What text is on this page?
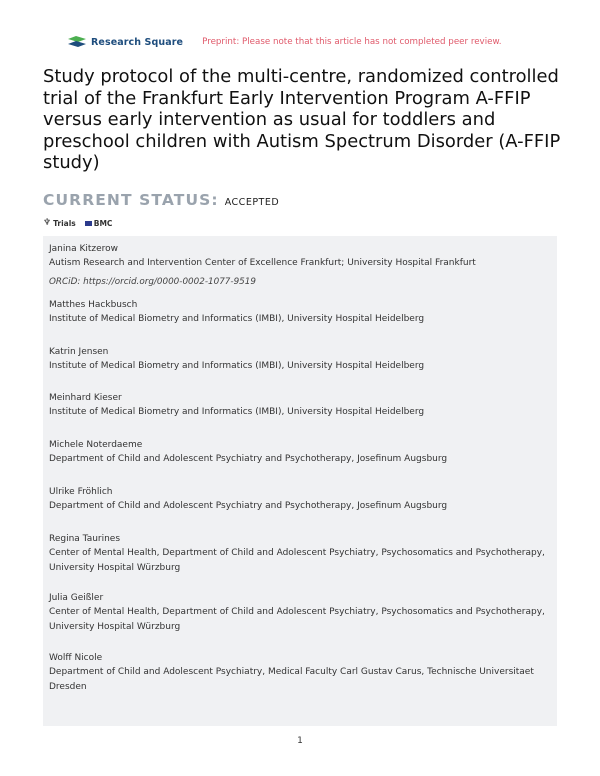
Research Square Preprint: Please note that this article has not completed peer review.
Study protocol of the multi-centre, randomized controlled trial of the Frankfurt Early Intervention Program A-FFIP versus early intervention as usual for toddlers and preschool children with Autism Spectrum Disorder (A-FFIP study)
CURRENT STATUS: ACCEPTED
♆ Trials BMC
Janina Kitzerow
Autism Research and Intervention Center of Excellence Frankfurt; University Hospital Frankfurt
ORCiD: https://orcid.org/0000-0002-1077-9519
Matthes Hackbusch
Institute of Medical Biometry and Informatics (IMBI), University Hospital Heidelberg
Katrin Jensen
Institute of Medical Biometry and Informatics (IMBI), University Hospital Heidelberg
Meinhard Kieser
Institute of Medical Biometry and Informatics (IMBI), University Hospital Heidelberg
Michele Noterdaeme
Department of Child and Adolescent Psychiatry and Psychotherapy, Josefinum Augsburg
Ulrike Fröhlich
Department of Child and Adolescent Psychiatry and Psychotherapy, Josefinum Augsburg
Regina Taurines
Center of Mental Health, Department of Child and Adolescent Psychiatry, Psychosomatics and Psychotherapy, University Hospital Würzburg
Julia Geißler
Center of Mental Health, Department of Child and Adolescent Psychiatry, Psychosomatics and Psychotherapy, University Hospital Würzburg
Wolff Nicole
Department of Child and Adolescent Psychiatry, Medical Faculty Carl Gustav Carus, Technische Universitaet Dresden
1
